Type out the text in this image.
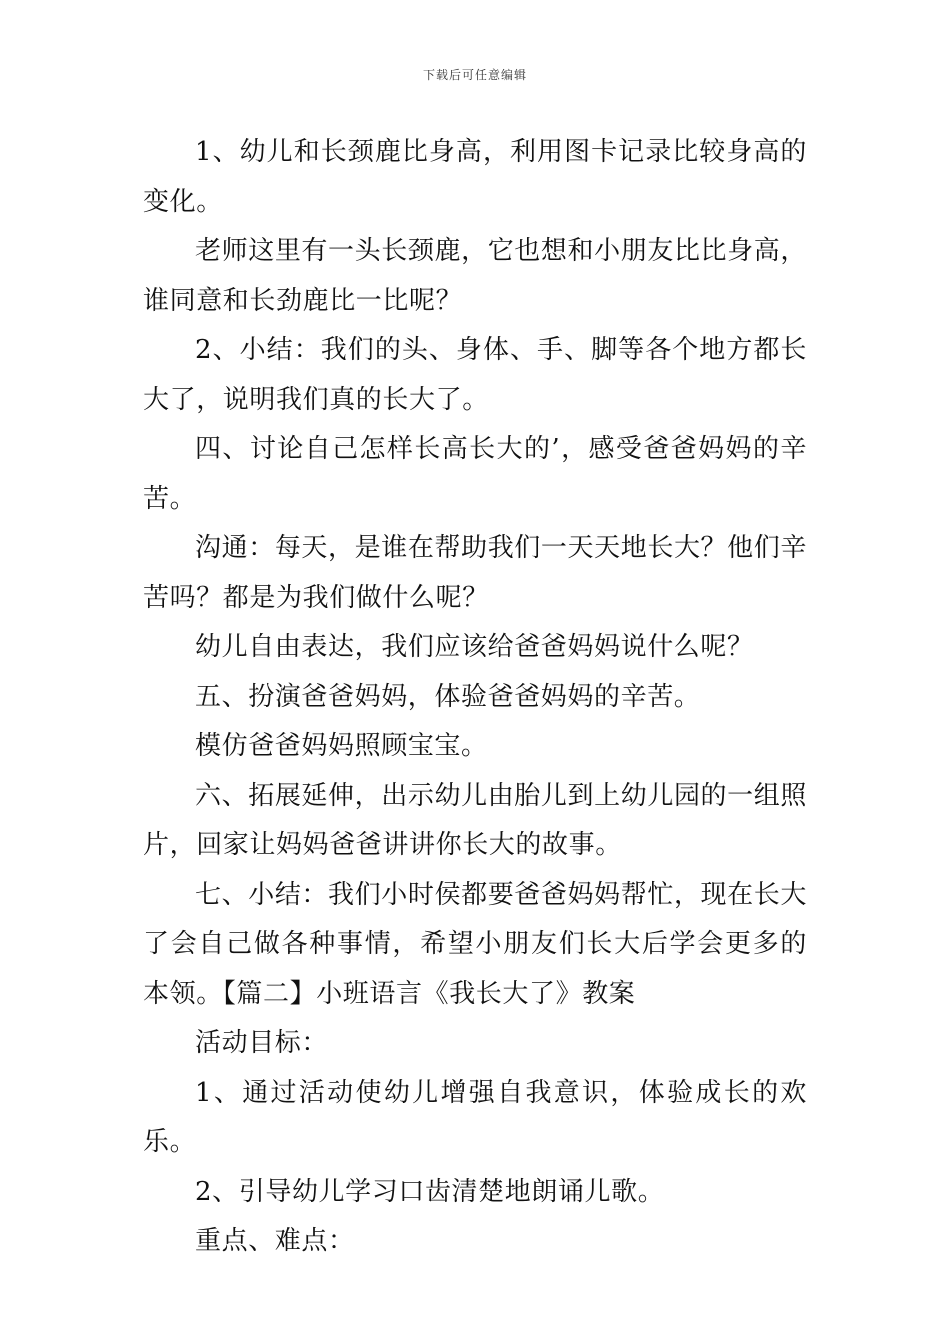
下载后可任意编辑

1、幼儿和长颈鹿比身高，利用图卡记录比较身高的变化。

老师这里有一头长颈鹿，它也想和小朋友比比身高，谁同意和长劲鹿比一比呢？

2、小结：我们的头、身体、手、脚等各个地方都长大了，说明我们真的长大了。

四、讨论自己怎样长高长大的’，感受爸爸妈妈的辛苦。

沟通：每天，是谁在帮助我们一天天地长大？他们辛苦吗？都是为我们做什么呢？

幼儿自由表达，我们应该给爸爸妈妈说什么呢？

五、扮演爸爸妈妈，体验爸爸妈妈的辛苦。

模仿爸爸妈妈照顾宝宝。

六、拓展延伸，出示幼儿由胎儿到上幼儿园的一组照片，回家让妈妈爸爸讲讲你长大的故事。

七、小结：我们小时侯都要爸爸妈妈帮忙，现在长大了会自己做各种事情，希望小朋友们长大后学会更多的本领。【篇二】小班语言《我长大了》教案

活动目标：

1、通过活动使幼儿增强自我意识，体验成长的欢乐。

2、引导幼儿学习口齿清楚地朗诵儿歌。

重点、难点：
